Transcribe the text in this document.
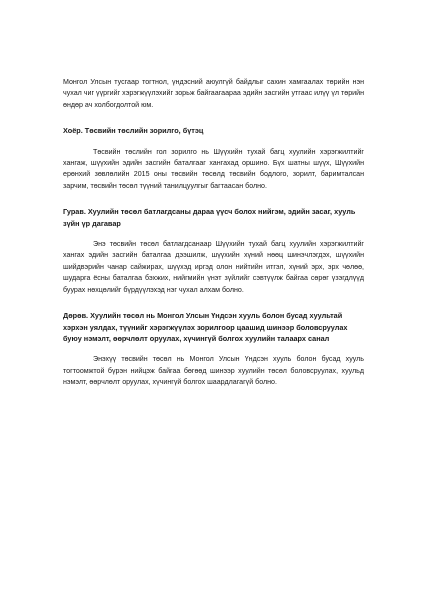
Монгол Улсын тусгаар тогтнол, үндэсний аюулгүй байдлыг сахин хамгаалах төрийн нэн чухал чиг үүргийг хэрэгжүүлэхийг зорьж байгаагаараа эдийн засгийн утгаас илүү үл төрийн өндөр ач холбогдолтой юм.

Хоёр. Төсвийн төслийн зорилго, бүтэц

Төсвийн төслийн гол зорилго нь Шүүхийн тухай багц хуулийн хэрэгжилтийг хангаж, шүүхийн эдийн засгийн баталгааг хангахад оршино. Бүх шатны шүүх, Шүүхийн ерөнхий зөвлөлийн 2015 оны төсвийн төсөлд төсвийн бодлого, зорилт, баримталсан зарчим, төсвийн төсөл түүний танилцуулгыг багтаасан болно.

Гурав. Хуулийн төсөл батлагдсаны дараа үүсч болох нийгэм, эдийн засаг, хууль зүйн үр дагавар

Энэ төсвийн төсөл батлагдсанаар Шүүхийн тухай багц хуулийн хэрэгжилтийг хангах эдийн засгийн баталгаа дээшилж, шүүхийн хүний нөөц шинэчлэгдэх, шүүхийн шийдвэрийн чанар сайжирах, шүүхэд иргэд олон нийтийн итгэл, хүний эрх, эрх чөлөө, шударга ёсны баталгаа бэхжих, нийгмийн үнэт зүйлийг сэвтүүлж байгаа сөрөг үзэгдлүүд буурах нөхцөлийг бүрдүүлэхэд нэг чухал алхам болно.

Дөрөв. Хуулийн төсөл нь Монгол Улсын Үндсэн хууль болон бусад хуультай хэрхэн уялдах, түүнийг хэрэгжүүлэх зорилгоор цаашид шинээр боловсруулах буюу нэмэлт, өөрчлөлт оруулах, хүчингүй болгох хуулийн талаарх санал

Энэхүү төсвийн төсөл нь Монгол Улсын Үндсэн хууль болон бусад хууль тогтоомжтой бүрэн нийцэж байгаа бөгөөд шинээр хуулийн төсөл боловсруулах, хуульд нэмэлт, өөрчлөлт оруулах, хүчингүй болгох шаардлагагүй болно.
